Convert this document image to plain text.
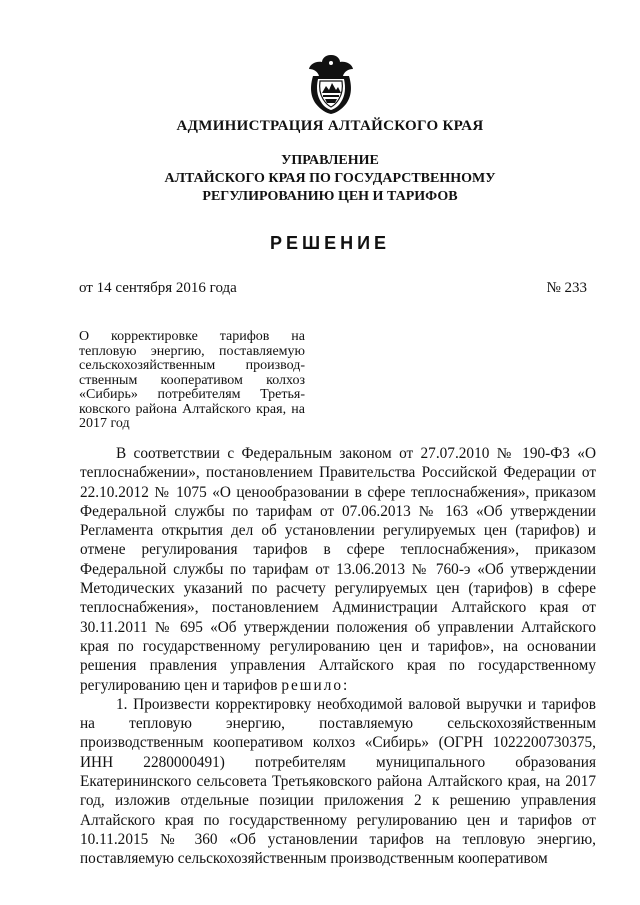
АДМИНИСТРАЦИЯ АЛТАЙСКОГО КРАЯ
УПРАВЛЕНИЕ
АЛТАЙСКОГО КРАЯ ПО ГОСУДАРСТВЕННОМУ
РЕГУЛИРОВАНИЮ ЦЕН И ТАРИФОВ
РЕШЕНИЕ
от 14 сентября 2016 года	№ 233
О корректировке тарифов на тепловую энергию, поставляемую сельскохозяйственным производ-ственным кооперативом колхоз «Сибирь» потребителям Третья-ковского района Алтайского края, на 2017 год

В соответствии с Федеральным законом от 27.07.2010 № 190-ФЗ «О теплоснабжении», постановлением Правительства Российской Федерации от 22.10.2012 № 1075 «О ценообразовании в сфере теплоснабжения», приказом Федеральной службы по тарифам от 07.06.2013 № 163 «Об утверждении Регламента открытия дел об установлении регулируемых цен (тарифов) и отмене регулирования тарифов в сфере теплоснабжения», приказом Федеральной службы по тарифам от 13.06.2013 № 760-э «Об утверждении Методических указаний по расчету регулируемых цен (тарифов) в сфере теплоснабжения», постановлением Администрации Алтайского края от 30.11.2011 № 695 «Об утверждении положения об управлении Алтайского края по государственному регулированию цен и тарифов», на основании решения правления управления Алтайского края по государственному регулированию цен и тарифов решило:

1. Произвести корректировку необходимой валовой выручки и тарифов на тепловую энергию, поставляемую сельскохозяйственным производственным кооперативом колхоз «Сибирь» (ОГРН 1022200730375, ИНН 2280000491) потребителям муниципального образования Екатерининского сельсовета Третьяковского района Алтайского края, на 2017 год, изложив отдельные позиции приложения 2 к решению управления Алтайского края по государственному регулированию цен и тарифов от 10.11.2015 № 360 «Об установлении тарифов на тепловую энергию, поставляемую сельскохозяйственным производственным кооперативом
